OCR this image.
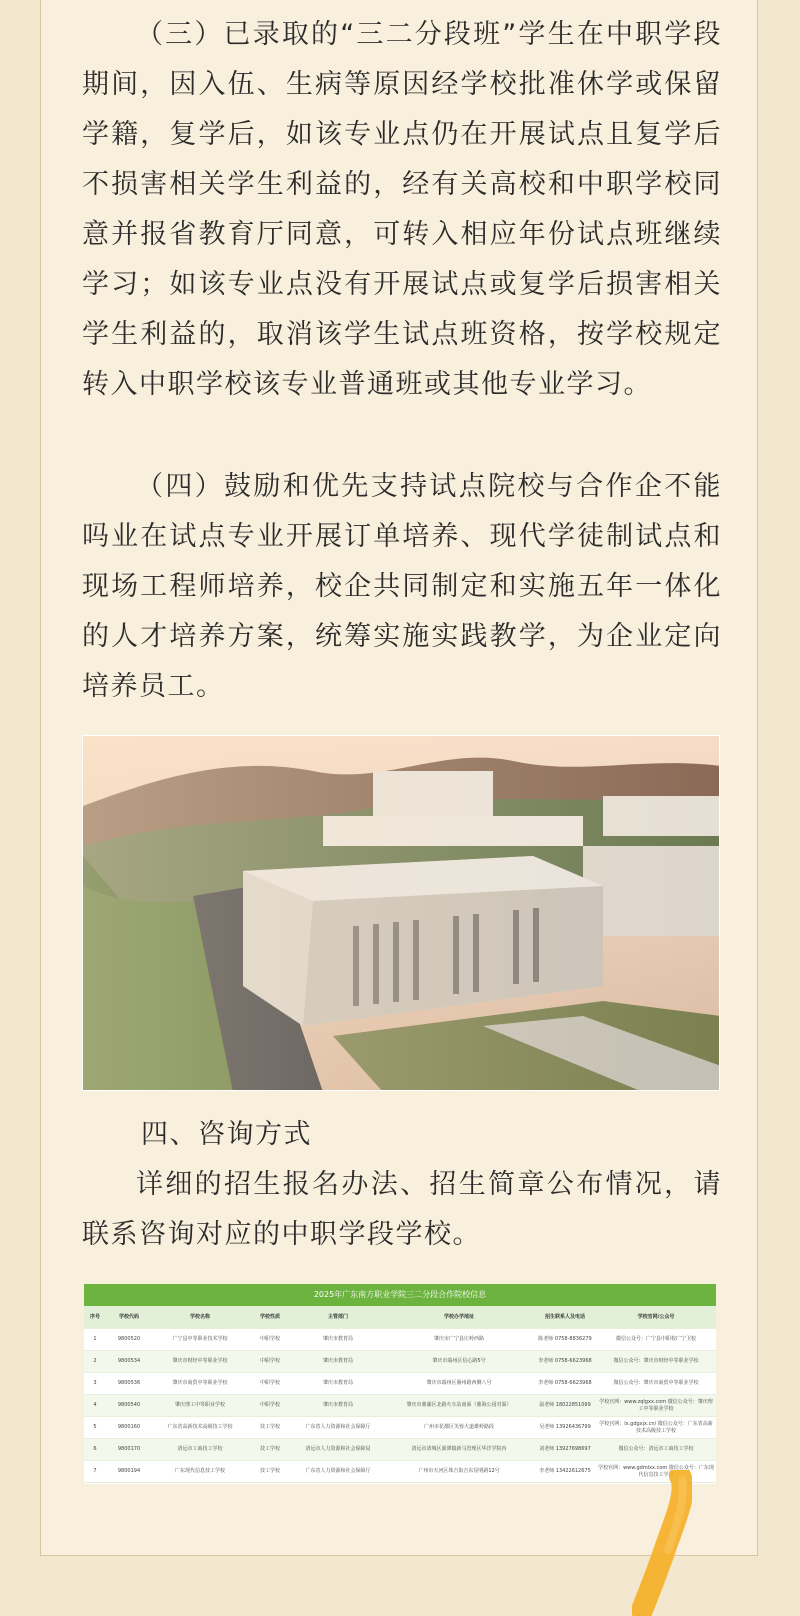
（三）已录取的“三二分段班”学生在中职学段期间，因入伍、生病等原因经学校批准休学或保留学籍，复学后，如该专业点仍在开展试点且复学后不损害相关学生利益的，经有关高校和中职学校同意并报省教育厅同意，可转入相应年份试点班继续学习；如该专业点没有开展试点或复学后损害相关学生利益的，取消该学生试点班资格，按学校规定转入中职学校该专业普通班或其他专业学习。

（四）鼓励和优先支持试点院校与合作企不能吗业在试点专业开展订单培养、现代学徒制试点和现场工程师培养，校企共同制定和实施五年一体化的人才培养方案，统筹实施实践教学，为企业定向培养员工。

四、咨询方式

详细的招生报名办法、招生简章公布情况，请联系咨询对应的中职学段学校。

2025年广东南方职业学院三二分段合作院校信息
序号	学校代码	学校名称	学校性质	主管部门	学校办学地址	招生联系人及电话	学校官网/公众号
1	9800520	广宁县中等职业技术学校	中职学校	肇庆市教育局	肇庆市广宁县庄岭西路	陈老师 0758-8836279	微信公众号：广宁县中职校广宁卫校
2	9800534	肇庆市财经中等职业学校	中职学校	肇庆市教育局	肇庆市端州区信心路5号	李老师 0758-6623968	微信公众号：肇庆市财经中等职业学校
3	9800536	肇庆市商贸中等职业学校	中职学校	肇庆市教育局	肇庆市端州区肠州路西侧八号	李老师 0758-6623968	微信公众号：肇庆市商贸中等职业学校
4	9800540	肇庆理工中等职业学校	中职学校	肇庆市教育局	肇庆市鼎湖区北路火车站南面（鼎海公园对面）	温老师 18022851099	学校官网：www.zqlgxx.com 微信公众号：肇庆理工中等职业学校
5	9800160	广东省高新技术高级技工学校	技工学校	广东省人力资源和社会保障厅	广州市花都区芙蓉大道雄岭路段	吴老师 13926436799	学校官网：lx.gdgxjx.cn/ 微信公众号：广东省高新技术高级技工学校
6	9800170	清远市工商技工学校	技工学校	清远市人力资源和社会保障局	清远市清城区源潭镇新马管理区华洋学院内	刘老师 13927698697	微信公众号：清远市工商技工学校
7	9800194	广东现代信息技工学校	技工学校	广东省人力资源和社会保障厅	广州市天河区珠吉街吉东昆明路12号	李老师 13422612675	学校官网：www.gdmlxx.com 微信公众号：广东现代信息技工学校
